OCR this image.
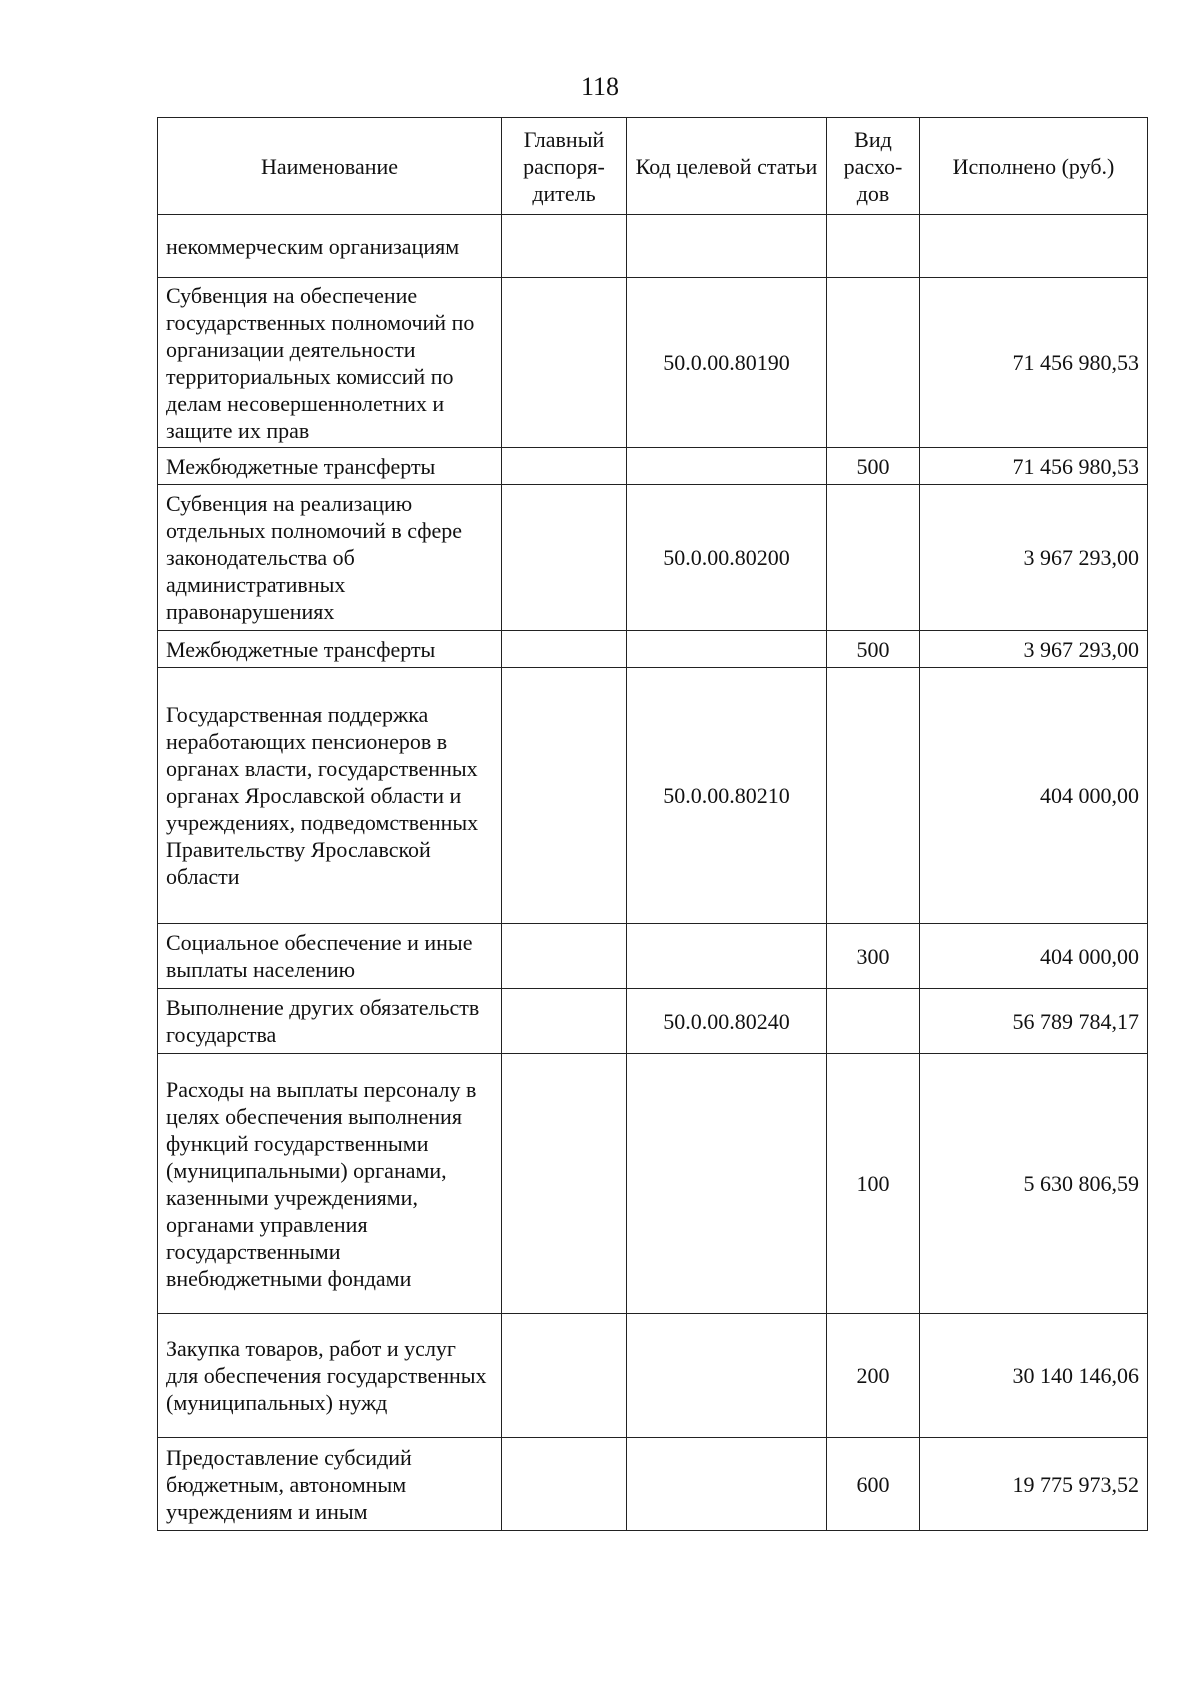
118
Наименование	Главный распоря-дитель	Код целевой статьи	Вид расхо-дов	Исполнено (руб.)
некоммерческим организациям				
Субвенция на обеспечение государственных полномочий по организации деятельности территориальных комиссий по делам несовершеннолетних и защите их прав		50.0.00.80190		71 456 980,53
Межбюджетные трансферты			500	71 456 980,53
Субвенция на реализацию отдельных полномочий в сфере законодательства об административных правонарушениях		50.0.00.80200		3 967 293,00
Межбюджетные трансферты			500	3 967 293,00
Государственная поддержка неработающих пенсионеров в органах власти, государственных органах Ярославской области и учреждениях, подведомственных Правительству Ярославской области		50.0.00.80210		404 000,00
Социальное обеспечение и иные выплаты населению			300	404 000,00
Выполнение других обязательств государства		50.0.00.80240		56 789 784,17
Расходы на выплаты персоналу в целях обеспечения выполнения функций государственными (муниципальными) органами, казенными учреждениями, органами управления государственными внебюджетными фондами			100	5 630 806,59
Закупка товаров, работ и услуг для обеспечения государственных (муниципальных) нужд			200	30 140 146,06
Предоставление субсидий бюджетным, автономным учреждениям и иным			600	19 775 973,52
